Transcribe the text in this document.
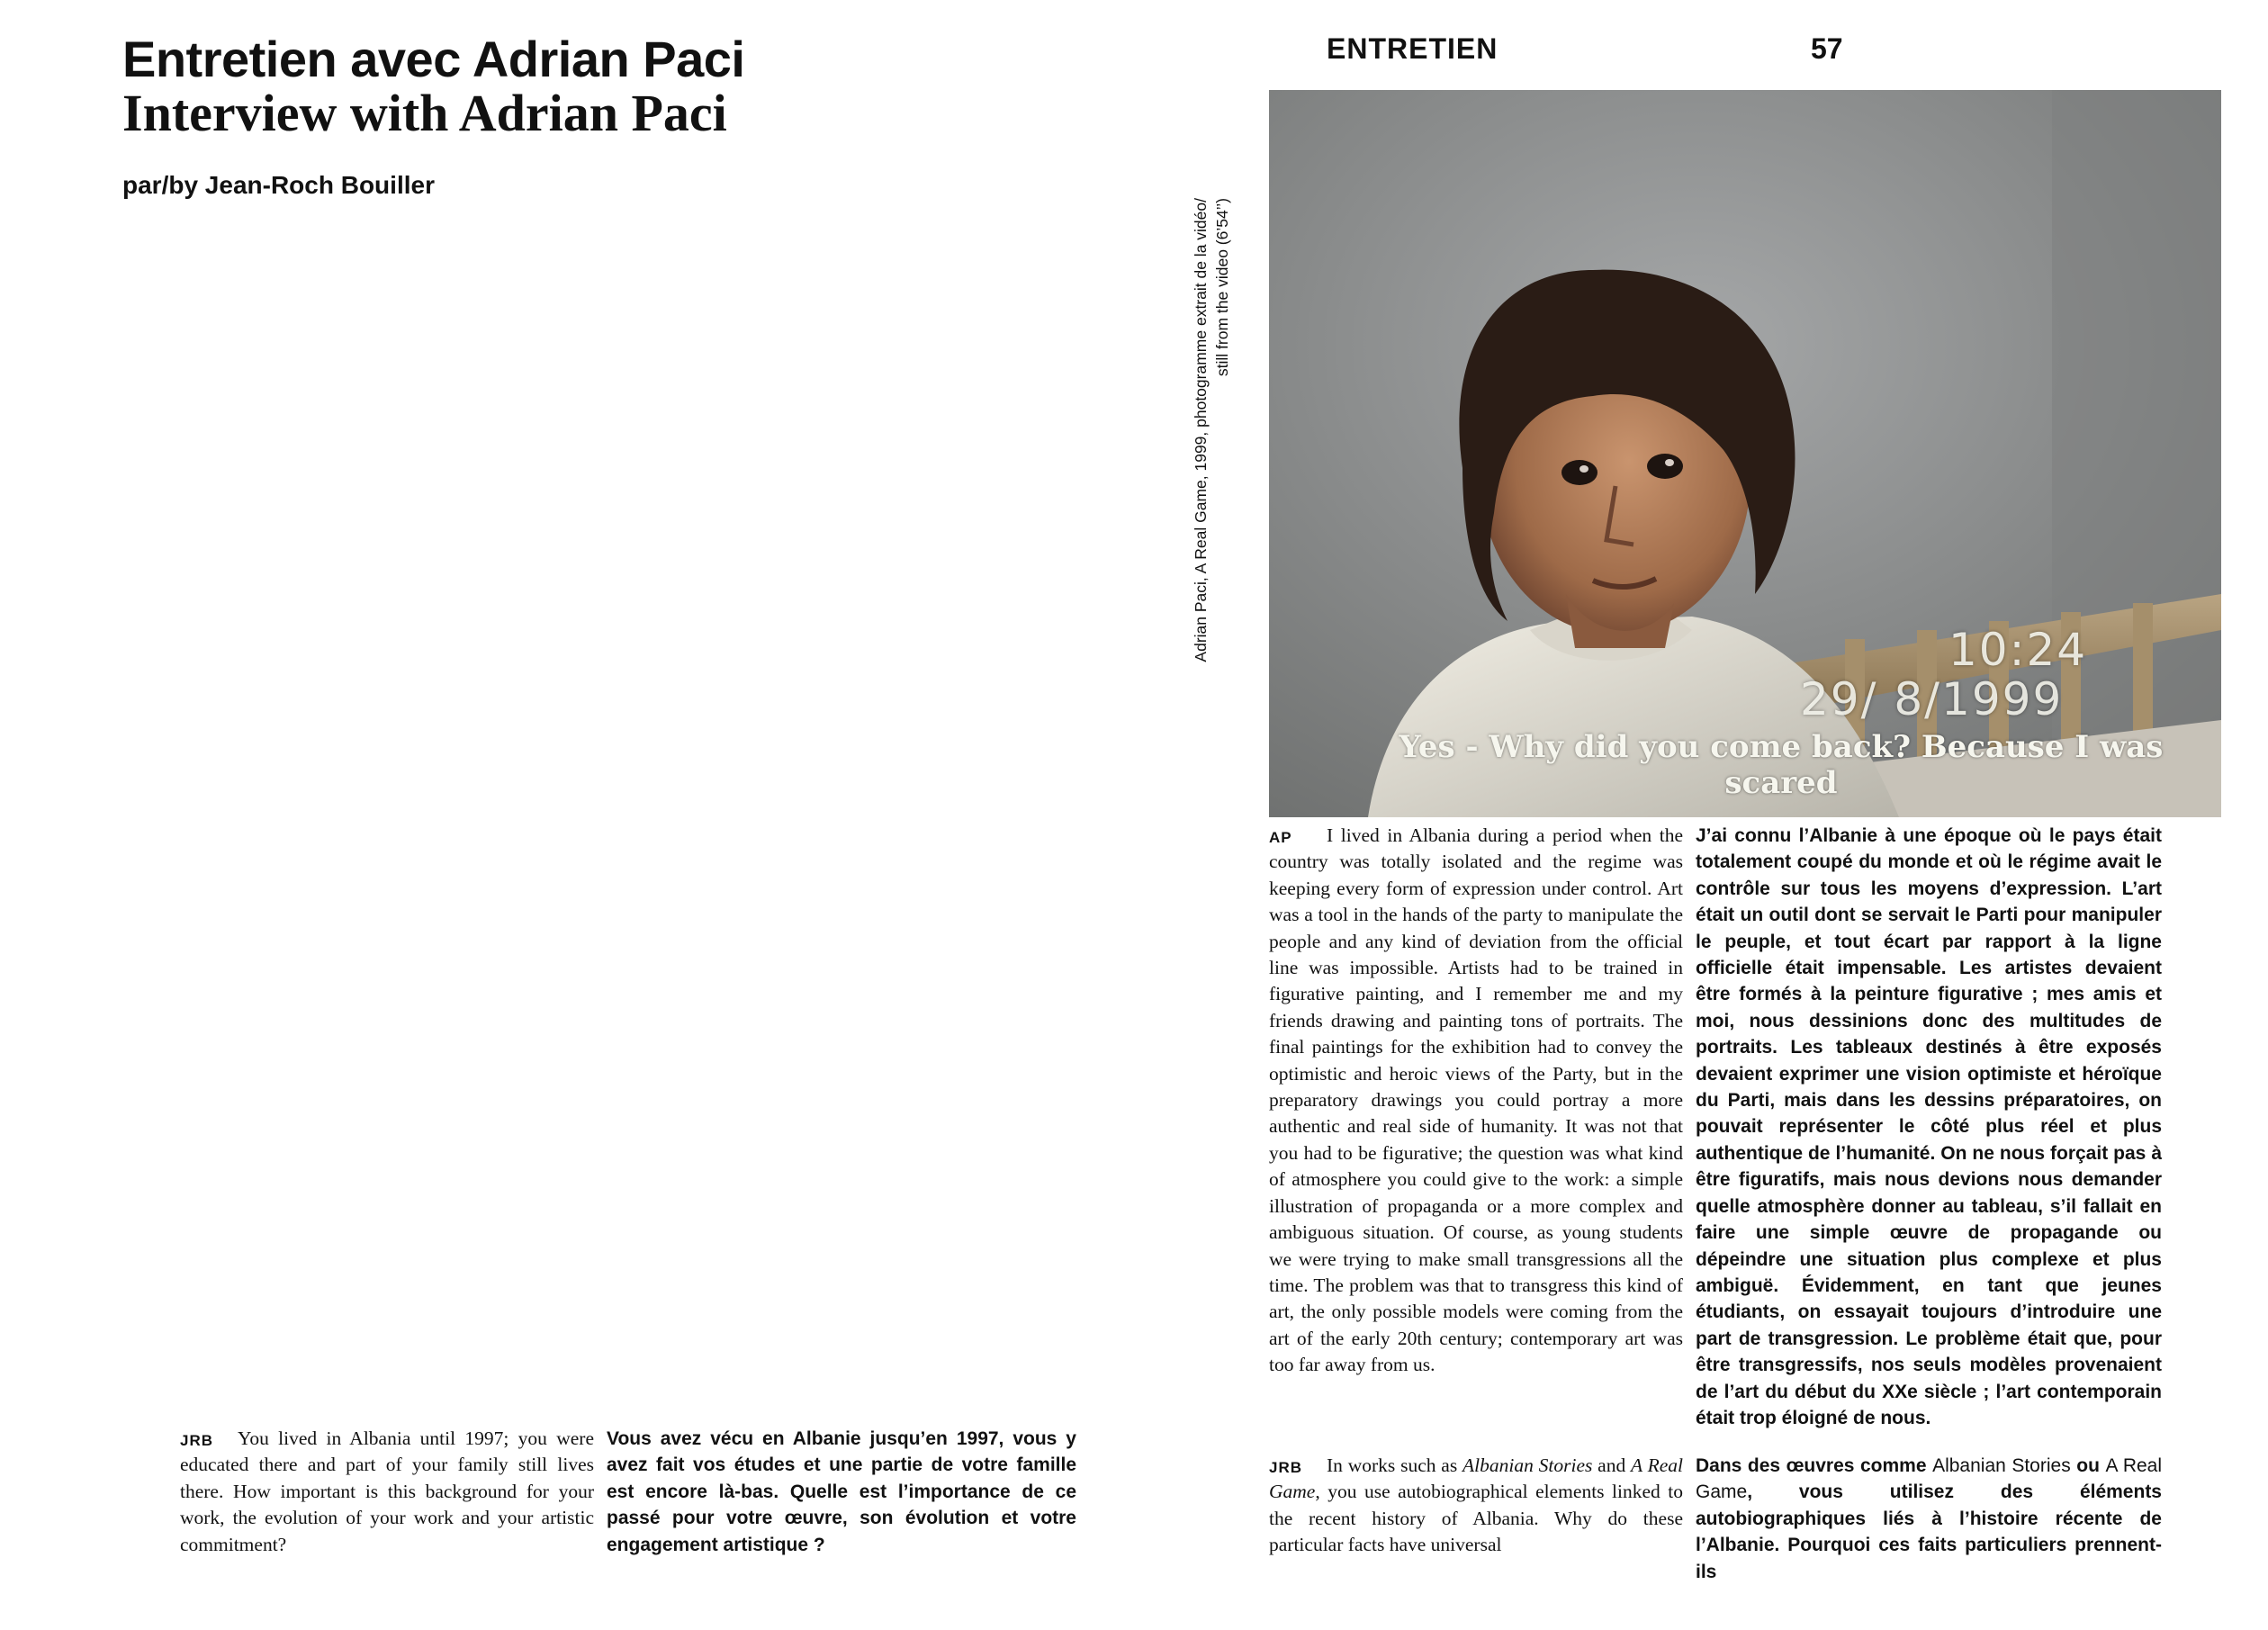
Entretien avec Adrian Paci
Interview with Adrian Paci
par/by Jean-Roch Bouiller
ENTRETIEN	57
Adrian Paci, A Real Game, 1999, photogramme extrait de la vidéo/ still from the video (6’54’’)
10:24
29/ 8/1999
Yes - Why did you come back? Because I was scared
JRB	You lived in Albania until 1997; you were educated there and part of your family still lives there. How important is this background for your work, the evolution of your work and your artistic commitment?

Vous avez vécu en Albanie jusqu’en 1997, vous y avez fait vos études et une partie de votre famille est encore là-bas. Quelle est l’importance de ce passé pour votre œuvre, son évolution et votre engagement artistique ?

AP	I lived in Albania during a period when the country was totally isolated and the regime was keeping every form of expression under control. Art was a tool in the hands of the party to manipulate the people and any kind of deviation from the official line was impossible. Artists had to be trained in figurative painting, and I remember me and my friends drawing and painting tons of portraits. The final paintings for the exhibition had to convey the optimistic and heroic views of the Party, but in the preparatory drawings you could portray a more authentic and real side of humanity. It was not that you had to be figurative; the question was what kind of atmosphere you could give to the work: a simple illustration of propaganda or a more complex and ambiguous situation. Of course, as young students we were trying to make small transgressions all the time. The problem was that to transgress this kind of art, the only possible models were coming from the art of the early 20th century; contemporary art was too far away from us.

J’ai connu l’Albanie à une époque où le pays était totalement coupé du monde et où le régime avait le contrôle sur tous les moyens d’expression. L’art était un outil dont se servait le Parti pour manipuler le peuple, et tout écart par rapport à la ligne officielle était impensable. Les artistes devaient être formés à la peinture figurative ; mes amis et moi, nous dessinions donc des multitudes de portraits. Les tableaux destinés à être exposés devaient exprimer une vision optimiste et héroïque du Parti, mais dans les dessins préparatoires, on pouvait représenter le côté plus réel et plus authentique de l’humanité. On ne nous forçait pas à être figuratifs, mais nous devions nous demander quelle atmosphère donner au tableau, s’il fallait en faire une simple œuvre de propagande ou dépeindre une situation plus complexe et plus ambiguë. Évidemment, en tant que jeunes étudiants, on essayait toujours d’introduire une part de transgression. Le problème était que, pour être transgressifs, nos seuls modèles provenaient de l’art du début du XXe siècle ; l’art contemporain était trop éloigné de nous.

JRB	In works such as Albanian Stories and A Real Game, you use autobiographical elements linked to the recent history of Albania. Why do these particular facts have universal

Dans des œuvres comme Albanian Stories ou A Real Game, vous utilisez des éléments autobiographiques liés à l’histoire récente de l’Albanie. Pourquoi ces faits particuliers prennent-ils
